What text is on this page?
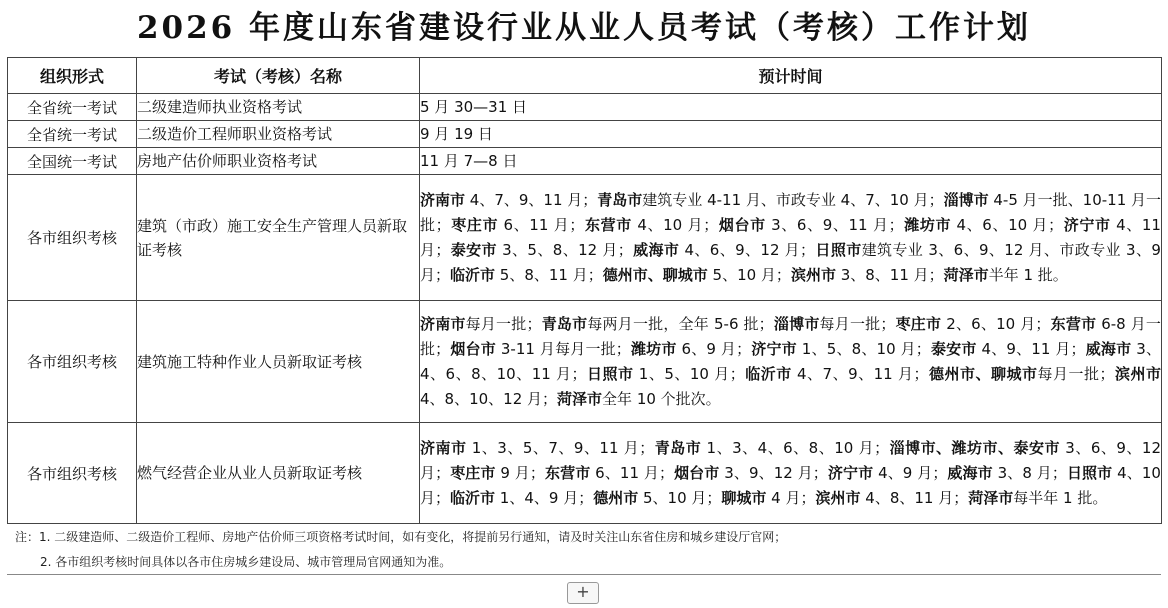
2026 年度山东省建设行业从业人员考试（考核）工作计划
组织形式	考试（考核）名称	预计时间
全省统一考试	二级建造师执业资格考试	5 月 30—31 日
全省统一考试	二级造价工程师职业资格考试	9 月 19 日
全国统一考试	房地产估价师职业资格考试	11 月 7—8 日
各市组织考核	建筑（市政）施工安全生产管理人员新取证考核	济南市 4、7、9、11 月；青岛市建筑专业 4-11 月、市政专业 4、7、10 月；淄博市 4-5 月一批、10-11 月一批；枣庄市 6、11 月；东营市 4、10 月；烟台市 3、6、9、11 月；潍坊市 4、6、10 月；济宁市 4、11 月；泰安市 3、5、8、12 月；威海市 4、6、9、12 月；日照市建筑专业 3、6、9、12 月、市政专业 3、9 月；临沂市 5、8、11 月；德州市、聊城市 5、10 月；滨州市 3、8、11 月；菏泽市半年 1 批。
各市组织考核	建筑施工特种作业人员新取证考核	济南市每月一批；青岛市每两月一批，全年 5-6 批；淄博市每月一批；枣庄市 2、6、10 月；东营市 6-8 月一批；烟台市 3-11 月每月一批；潍坊市 6、9 月；济宁市 1、5、8、10 月；泰安市 4、9、11 月；威海市 3、4、6、8、10、11 月；日照市 1、5、10 月；临沂市 4、7、9、11 月；德州市、聊城市每月一批；滨州市 4、8、10、12 月；菏泽市全年 10 个批次。
各市组织考核	燃气经营企业从业人员新取证考核	济南市 1、3、5、7、9、11 月；青岛市 1、3、4、6、8、10 月；淄博市、潍坊市、泰安市 3、6、9、12 月；枣庄市 9 月；东营市 6、11 月；烟台市 3、9、12 月；济宁市 4、9 月；威海市 3、8 月；日照市 4、10 月；临沂市 1、4、9 月；德州市 5、10 月；聊城市 4 月；滨州市 4、8、11 月；菏泽市每半年 1 批。
注：1. 二级建造师、二级造价工程师、房地产估价师三项资格考试时间，如有变化，将提前另行通知，请及时关注山东省住房和城乡建设厅官网；
2. 各市组织考核时间具体以各市住房城乡建设局、城市管理局官网通知为准。
+
